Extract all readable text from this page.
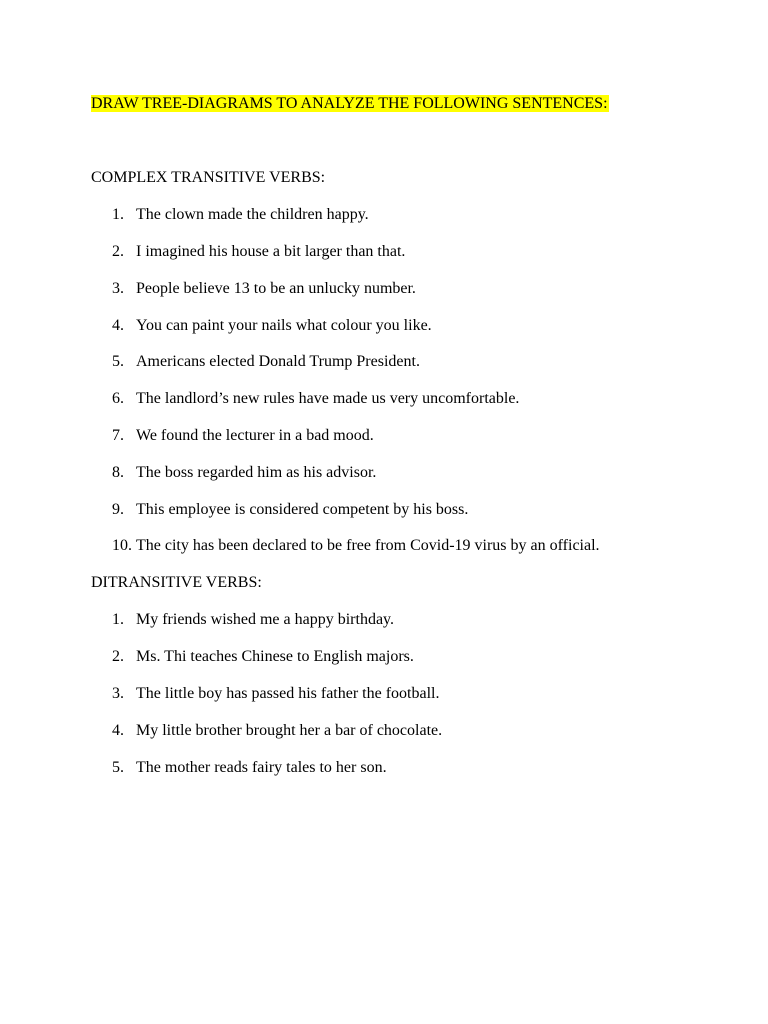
DRAW TREE-DIAGRAMS TO ANALYZE THE FOLLOWING SENTENCES:
COMPLEX TRANSITIVE VERBS:
1. The clown made the children happy.
2. I imagined his house a bit larger than that.
3. People believe 13 to be an unlucky number.
4. You can paint your nails what colour you like.
5. Americans elected Donald Trump President.
6. The landlord’s new rules have made us very uncomfortable.
7. We found the lecturer in a bad mood.
8. The boss regarded him as his advisor.
9. This employee is considered competent by his boss.
10. The city has been declared to be free from Covid-19 virus by an official.
DITRANSITIVE VERBS:
1. My friends wished me a happy birthday.
2. Ms. Thi teaches Chinese to English majors.
3. The little boy has passed his father the football.
4. My little brother brought her a bar of chocolate.
5. The mother reads fairy tales to her son.
